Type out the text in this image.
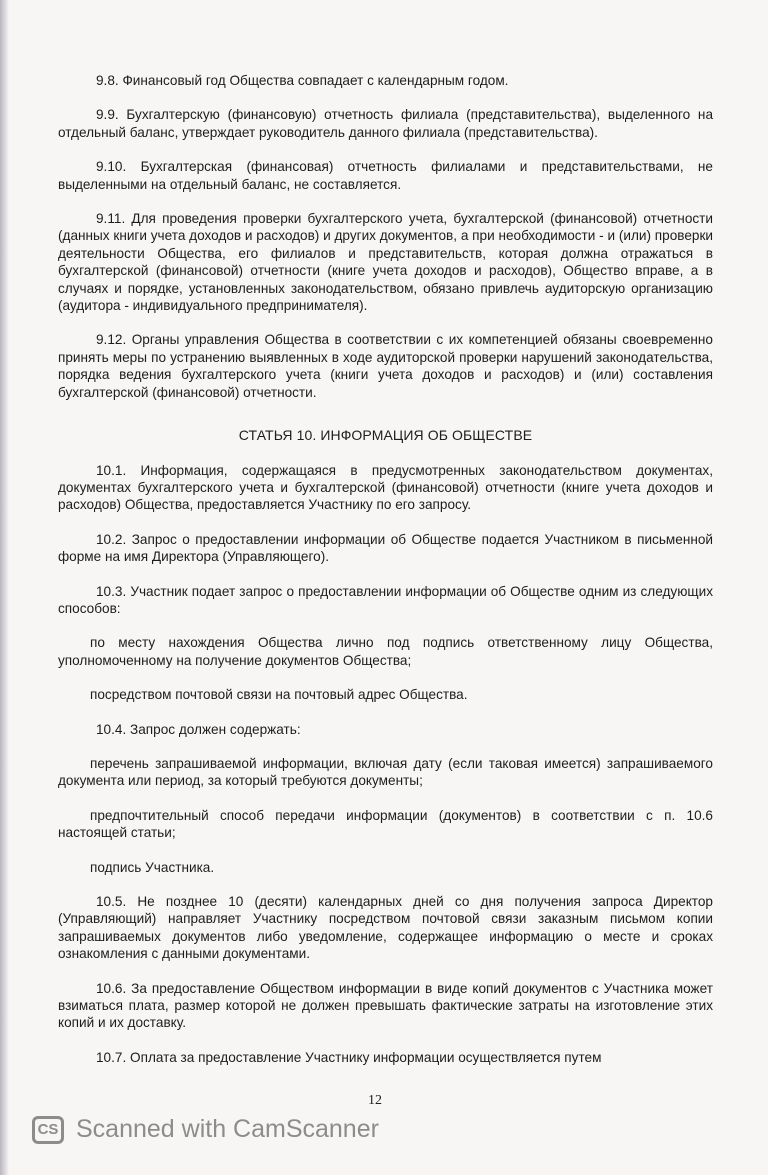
9.8. Финансовый год Общества совпадает с календарным годом.

9.9. Бухгалтерскую (финансовую) отчетность филиала (представительства), выделенного на отдельный баланс, утверждает руководитель данного филиала (представительства).

9.10. Бухгалтерская (финансовая) отчетность филиалами и представительствами, не выделенными на отдельный баланс, не составляется.

9.11. Для проведения проверки бухгалтерского учета, бухгалтерской (финансовой) отчетности (данных книги учета доходов и расходов) и других документов, а при необходимости - и (или) проверки деятельности Общества, его филиалов и представительств, которая должна отражаться в бухгалтерской (финансовой) отчетности (книге учета доходов и расходов), Общество вправе, а в случаях и порядке, установленных законодательством, обязано привлечь аудиторскую организацию (аудитора - индивидуального предпринимателя).

9.12. Органы управления Общества в соответствии с их компетенцией обязаны своевременно принять меры по устранению выявленных в ходе аудиторской проверки нарушений законодательства, порядка ведения бухгалтерского учета (книги учета доходов и расходов) и (или) составления бухгалтерской (финансовой) отчетности.

СТАТЬЯ 10. ИНФОРМАЦИЯ ОБ ОБЩЕСТВЕ

10.1. Информация, содержащаяся в предусмотренных законодательством документах, документах бухгалтерского учета и бухгалтерской (финансовой) отчетности (книге учета доходов и расходов) Общества, предоставляется Участнику по его запросу.

10.2. Запрос о предоставлении информации об Обществе подается Участником в письменной форме на имя Директора (Управляющего).

10.3. Участник подает запрос о предоставлении информации об Обществе одним из следующих способов:

по месту нахождения Общества лично под подпись ответственному лицу Общества, уполномоченному на получение документов Общества;

посредством почтовой связи на почтовый адрес Общества.

10.4. Запрос должен содержать:

перечень запрашиваемой информации, включая дату (если таковая имеется) запрашиваемого документа или период, за который требуются документы;

предпочтительный способ передачи информации (документов) в соответствии с п. 10.6 настоящей статьи;

подпись Участника.

10.5. Не позднее 10 (десяти) календарных дней со дня получения запроса Директор (Управляющий) направляет Участнику посредством почтовой связи заказным письмом копии запрашиваемых документов либо уведомление, содержащее информацию о месте и сроках ознакомления с данными документами.

10.6. За предоставление Обществом информации в виде копий документов с Участника может взиматься плата, размер которой не должен превышать фактические затраты на изготовление этих копий и их доставку.

10.7. Оплата за предоставление Участнику информации осуществляется путем

12
CS Scanned with CamScanner
